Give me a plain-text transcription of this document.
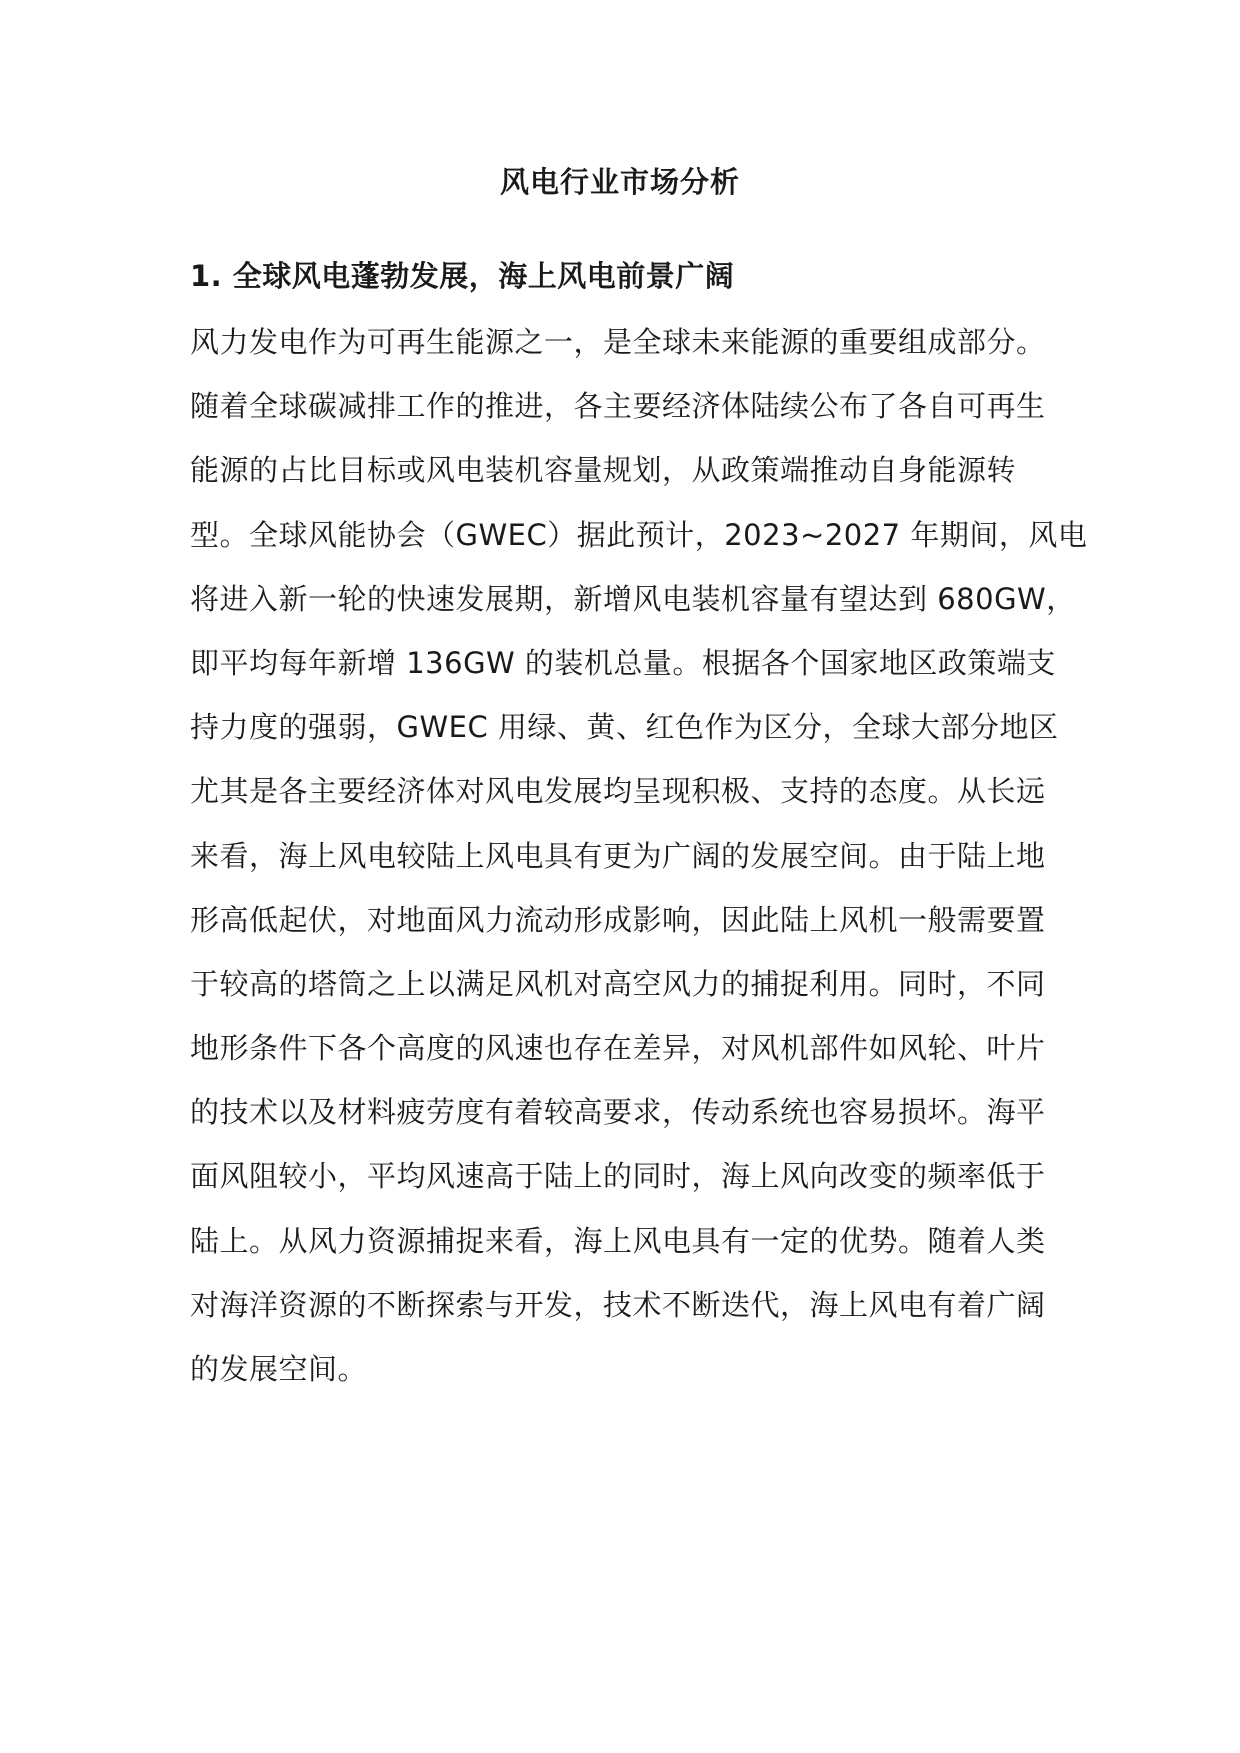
风电行业市场分析
1. 全球风电蓬勃发展，海上风电前景广阔
风力发电作为可再生能源之一，是全球未来能源的重要组成部分。
随着全球碳减排工作的推进，各主要经济体陆续公布了各自可再生
能源的占比目标或风电装机容量规划，从政策端推动自身能源转
型。全球风能协会（GWEC）据此预计，2023~2027 年期间，风电
将进入新一轮的快速发展期，新增风电装机容量有望达到 680GW，
即平均每年新增 136GW 的装机总量。根据各个国家地区政策端支
持力度的强弱，GWEC 用绿、黄、红色作为区分，全球大部分地区
尤其是各主要经济体对风电发展均呈现积极、支持的态度。从长远
来看，海上风电较陆上风电具有更为广阔的发展空间。由于陆上地
形高低起伏，对地面风力流动形成影响，因此陆上风机一般需要置
于较高的塔筒之上以满足风机对高空风力的捕捉利用。同时，不同
地形条件下各个高度的风速也存在差异，对风机部件如风轮、叶片
的技术以及材料疲劳度有着较高要求，传动系统也容易损坏。海平
面风阻较小，平均风速高于陆上的同时，海上风向改变的频率低于
陆上。从风力资源捕捉来看，海上风电具有一定的优势。随着人类
对海洋资源的不断探索与开发，技术不断迭代，海上风电有着广阔
的发展空间。
